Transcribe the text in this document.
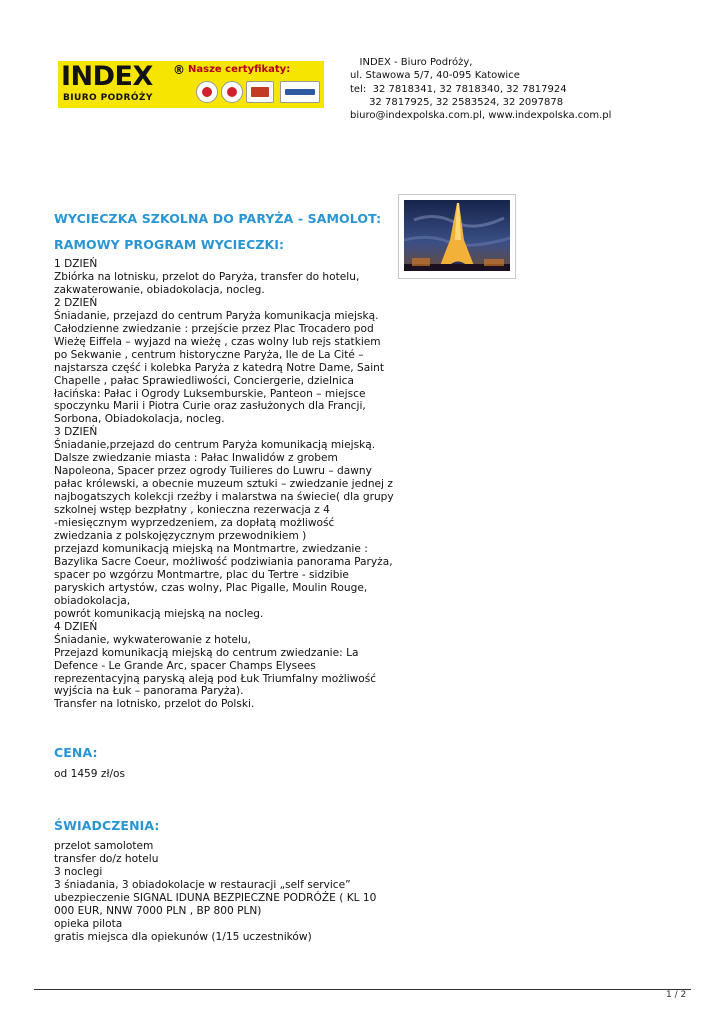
INDEX ®
BIURO PODRÓŻY
Nasze certyfikaty:
INDEX - Biuro Podróży,
ul. Stawowa 5/7, 40-095 Katowice
tel:  32 7818341, 32 7818340, 32 7817924
32 7817925, 32 2583524, 32 2097878
biuro@indexpolska.com.pl, www.indexpolska.com.pl
WYCIECZKA SZKOLNA DO PARYŻA - SAMOLOT:
RAMOWY PROGRAM WYCIECZKI:
1 DZIEŃ
Zbiórka na lotnisku, przelot do Paryża, transfer do hotelu,
zakwaterowanie, obiadokolacja, nocleg.
2 DZIEŃ
Śniadanie, przejazd do centrum Paryża komunikacja miejską.
Całodzienne zwiedzanie : przejście przez Plac Trocadero pod
Wieżę Eiffela – wyjazd na wieżę , czas wolny lub rejs statkiem
po Sekwanie , centrum historyczne Paryża, Ile de La Cité –
najstarsza część i kolebka Paryża z katedrą Notre Dame, Saint
Chapelle , pałac Sprawiedliwości, Conciergerie, dzielnica
łacińska: Pałac i Ogrody Luksemburskie, Panteon – miejsce
spoczynku Marii i Piotra Curie oraz zasłużonych dla Francji,
Sorbona, Obiadokolacja, nocleg.
3 DZIEŃ
Śniadanie,przejazd do centrum Paryża komunikacją miejską.
Dalsze zwiedzanie miasta : Pałac Inwalidów z grobem
Napoleona, Spacer przez ogrody Tuilieres do Luwru – dawny
pałac królewski, a obecnie muzeum sztuki – zwiedzanie jednej z
najbogatszych kolekcji rzeźby i malarstwa na świecie( dla grupy
szkolnej wstęp bezpłatny , konieczna rezerwacja z 4
-miesięcznym wyprzedzeniem, za dopłatą możliwość
zwiedzania z polskojęzycznym przewodnikiem )
przejazd komunikacją miejską na Montmartre, zwiedzanie :
Bazylika Sacre Coeur, możliwość podziwiania panorama Paryża,
spacer po wzgórzu Montmartre, plac du Tertre - sidzibie
paryskich artystów, czas wolny, Plac Pigalle, Moulin Rouge,
obiadokolacja,
powrót komunikacją miejską na nocleg.
4 DZIEŃ
Śniadanie, wykwaterowanie z hotelu,
Przejazd komunikacją miejską do centrum zwiedzanie: La
Defence - Le Grande Arc, spacer Champs Elysees
reprezentacyjną paryską aleją pod Łuk Triumfalny możliwość
wyjścia na Łuk – panorama Paryża).
Transfer na lotnisko, przelot do Polski.
CENA:
od 1459 zł/os
ŚWIADCZENIA:
przelot samolotem
transfer do/z hotelu
3 noclegi
3 śniadania, 3 obiadokolacje w restauracji „self service”
ubezpieczenie SIGNAL IDUNA BEZPIECZNE PODRÓŻE ( KL 10
000 EUR, NNW 7000 PLN , BP 800 PLN)
opieka pilota
gratis miejsca dla opiekunów (1/15 uczestników)
1 / 2
